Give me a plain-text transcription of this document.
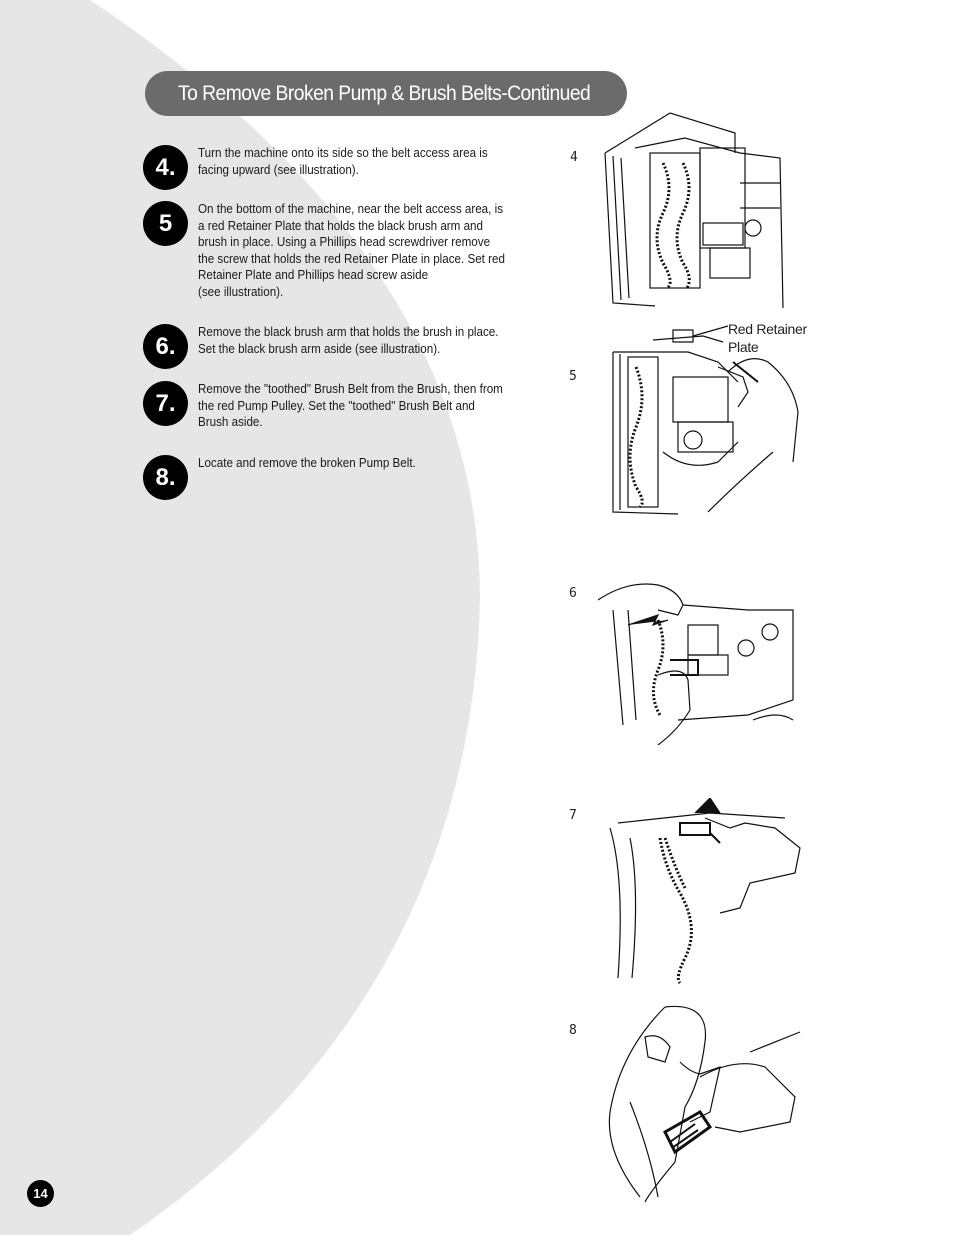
To Remove Broken Pump & Brush Belts-Continued
4.
Turn the machine onto its side so the belt access area is
facing upward (see illustration).
5
On the bottom of the machine, near the belt access area, is
a red Retainer Plate that holds the black brush arm and
brush in place. Using a Phillips head screwdriver remove
the screw that holds the red Retainer Plate in place. Set red
Retainer Plate and Phillips head screw aside
(see illustration).
6.
Remove the black brush arm that holds the brush in place.
Set the black brush arm aside (see illustration).
7.
Remove the "toothed" Brush Belt from the Brush, then from
the red Pump Pulley. Set the "toothed" Brush Belt and
Brush aside.
8.
Locate and remove the broken Pump Belt.
4
5
6
7
8
Red Retainer
Plate
14
